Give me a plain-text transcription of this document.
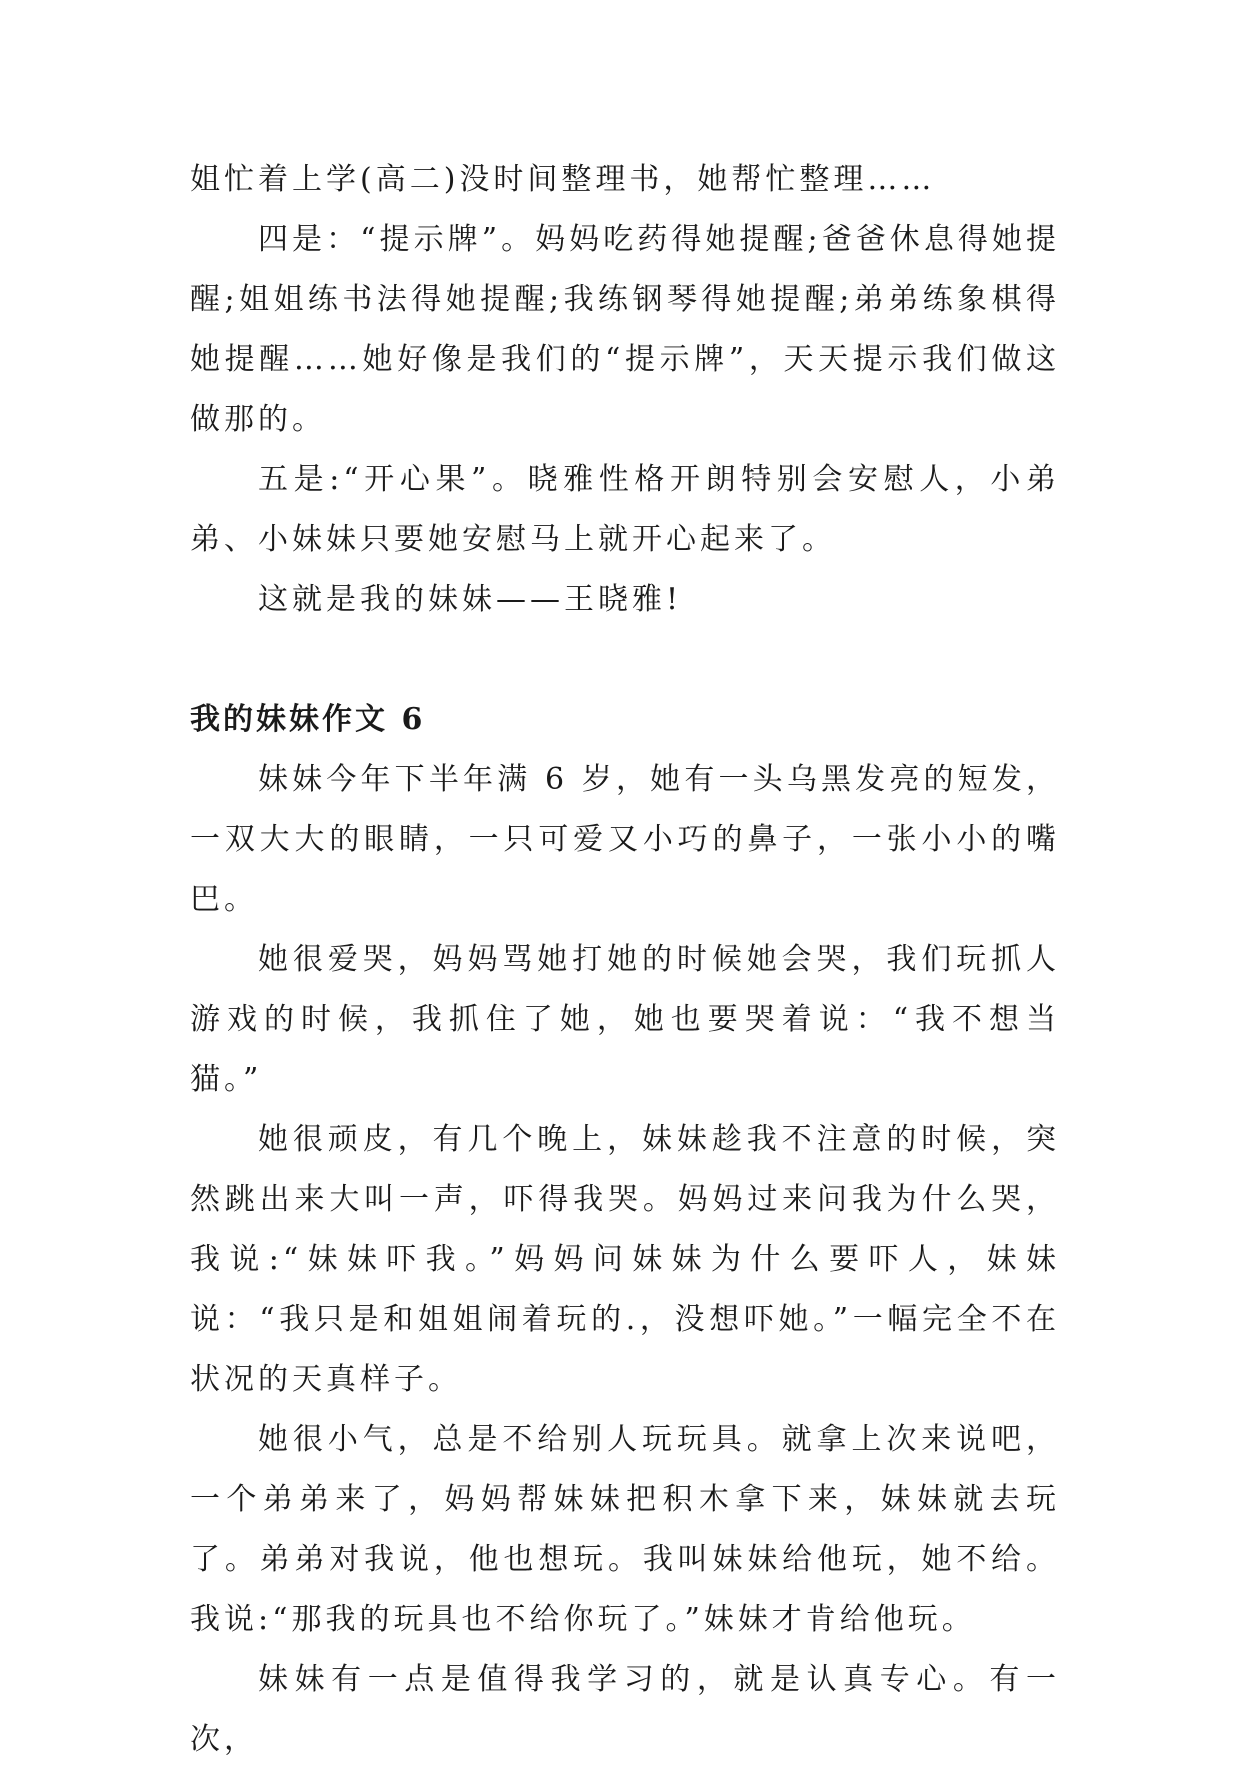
姐忙着上学(高二)没时间整理书，她帮忙整理……

四是：“提示牌”。妈妈吃药得她提醒;爸爸休息得她提醒;姐姐练书法得她提醒;我练钢琴得她提醒;弟弟练象棋得她提醒……她好像是我们的“提示牌”，天天提示我们做这做那的。

五是:“开心果”。晓雅性格开朗特别会安慰人，小弟弟、小妹妹只要她安慰马上就开心起来了。

这就是我的妹妹——王晓雅!

我的妹妹作文 6

妹妹今年下半年满 6 岁，她有一头乌黑发亮的短发，一双大大的眼睛，一只可爱又小巧的鼻子，一张小小的嘴巴。

她很爱哭，妈妈骂她打她的时候她会哭，我们玩抓人游戏的时候，我抓住了她，她也要哭着说：“我不想当猫。”

她很顽皮，有几个晚上，妹妹趁我不注意的时候，突然跳出来大叫一声，吓得我哭。妈妈过来问我为什么哭，我说:“妹妹吓我。”妈妈问妹妹为什么要吓人，妹妹说：“我只是和姐姐闹着玩的.，没想吓她。”一幅完全不在状况的天真样子。

她很小气，总是不给别人玩玩具。就拿上次来说吧，一个弟弟来了，妈妈帮妹妹把积木拿下来，妹妹就去玩了。弟弟对我说，他也想玩。我叫妹妹给他玩，她不给。我说:“那我的玩具也不给你玩了。”妹妹才肯给他玩。

妹妹有一点是值得我学习的，就是认真专心。有一次，
